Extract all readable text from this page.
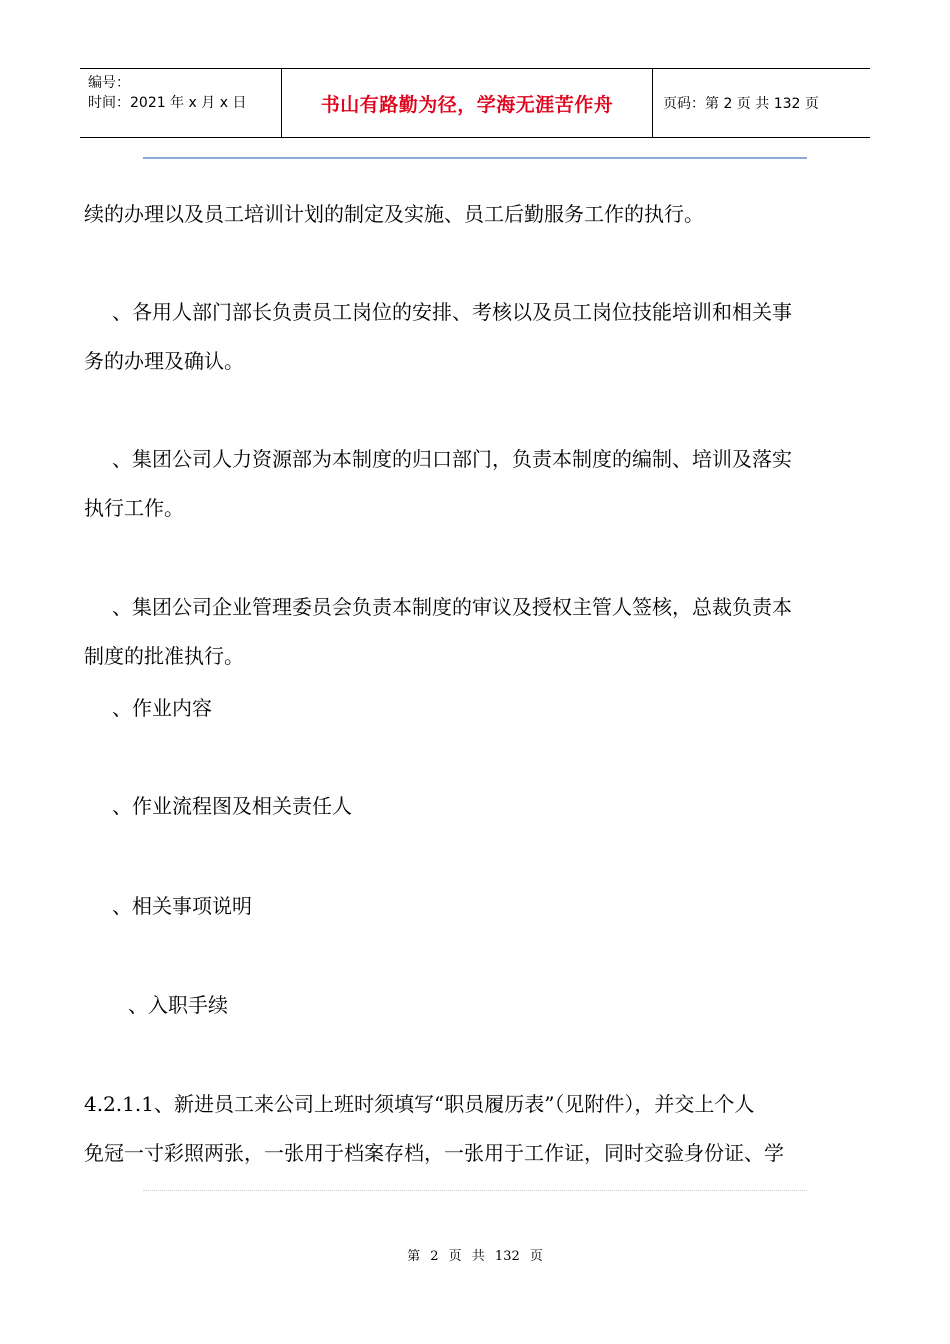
编号：
时间：2021 年 x 月 x 日	书山有路勤为径，学海无涯苦作舟	页码：第 2 页 共 132 页
续的办理以及员工培训计划的制定及实施、员工后勤服务工作的执行。
、各用人部门部长负责员工岗位的安排、考核以及员工岗位技能培训和相关事
务的办理及确认。
、集团公司人力资源部为本制度的归口部门，负责本制度的编制、培训及落实
执行工作。
、集团公司企业管理委员会负责本制度的审议及授权主管人签核，总裁负责本
制度的批准执行。
、作业内容
、作业流程图及相关责任人
、相关事项说明
、入职手续
4.2.1.1、新进员工来公司上班时须填写“职员履历表”（见附件），并交上个人
免冠一寸彩照两张，一张用于档案存档，一张用于工作证，同时交验身份证、学
第 2 页 共 132 页
